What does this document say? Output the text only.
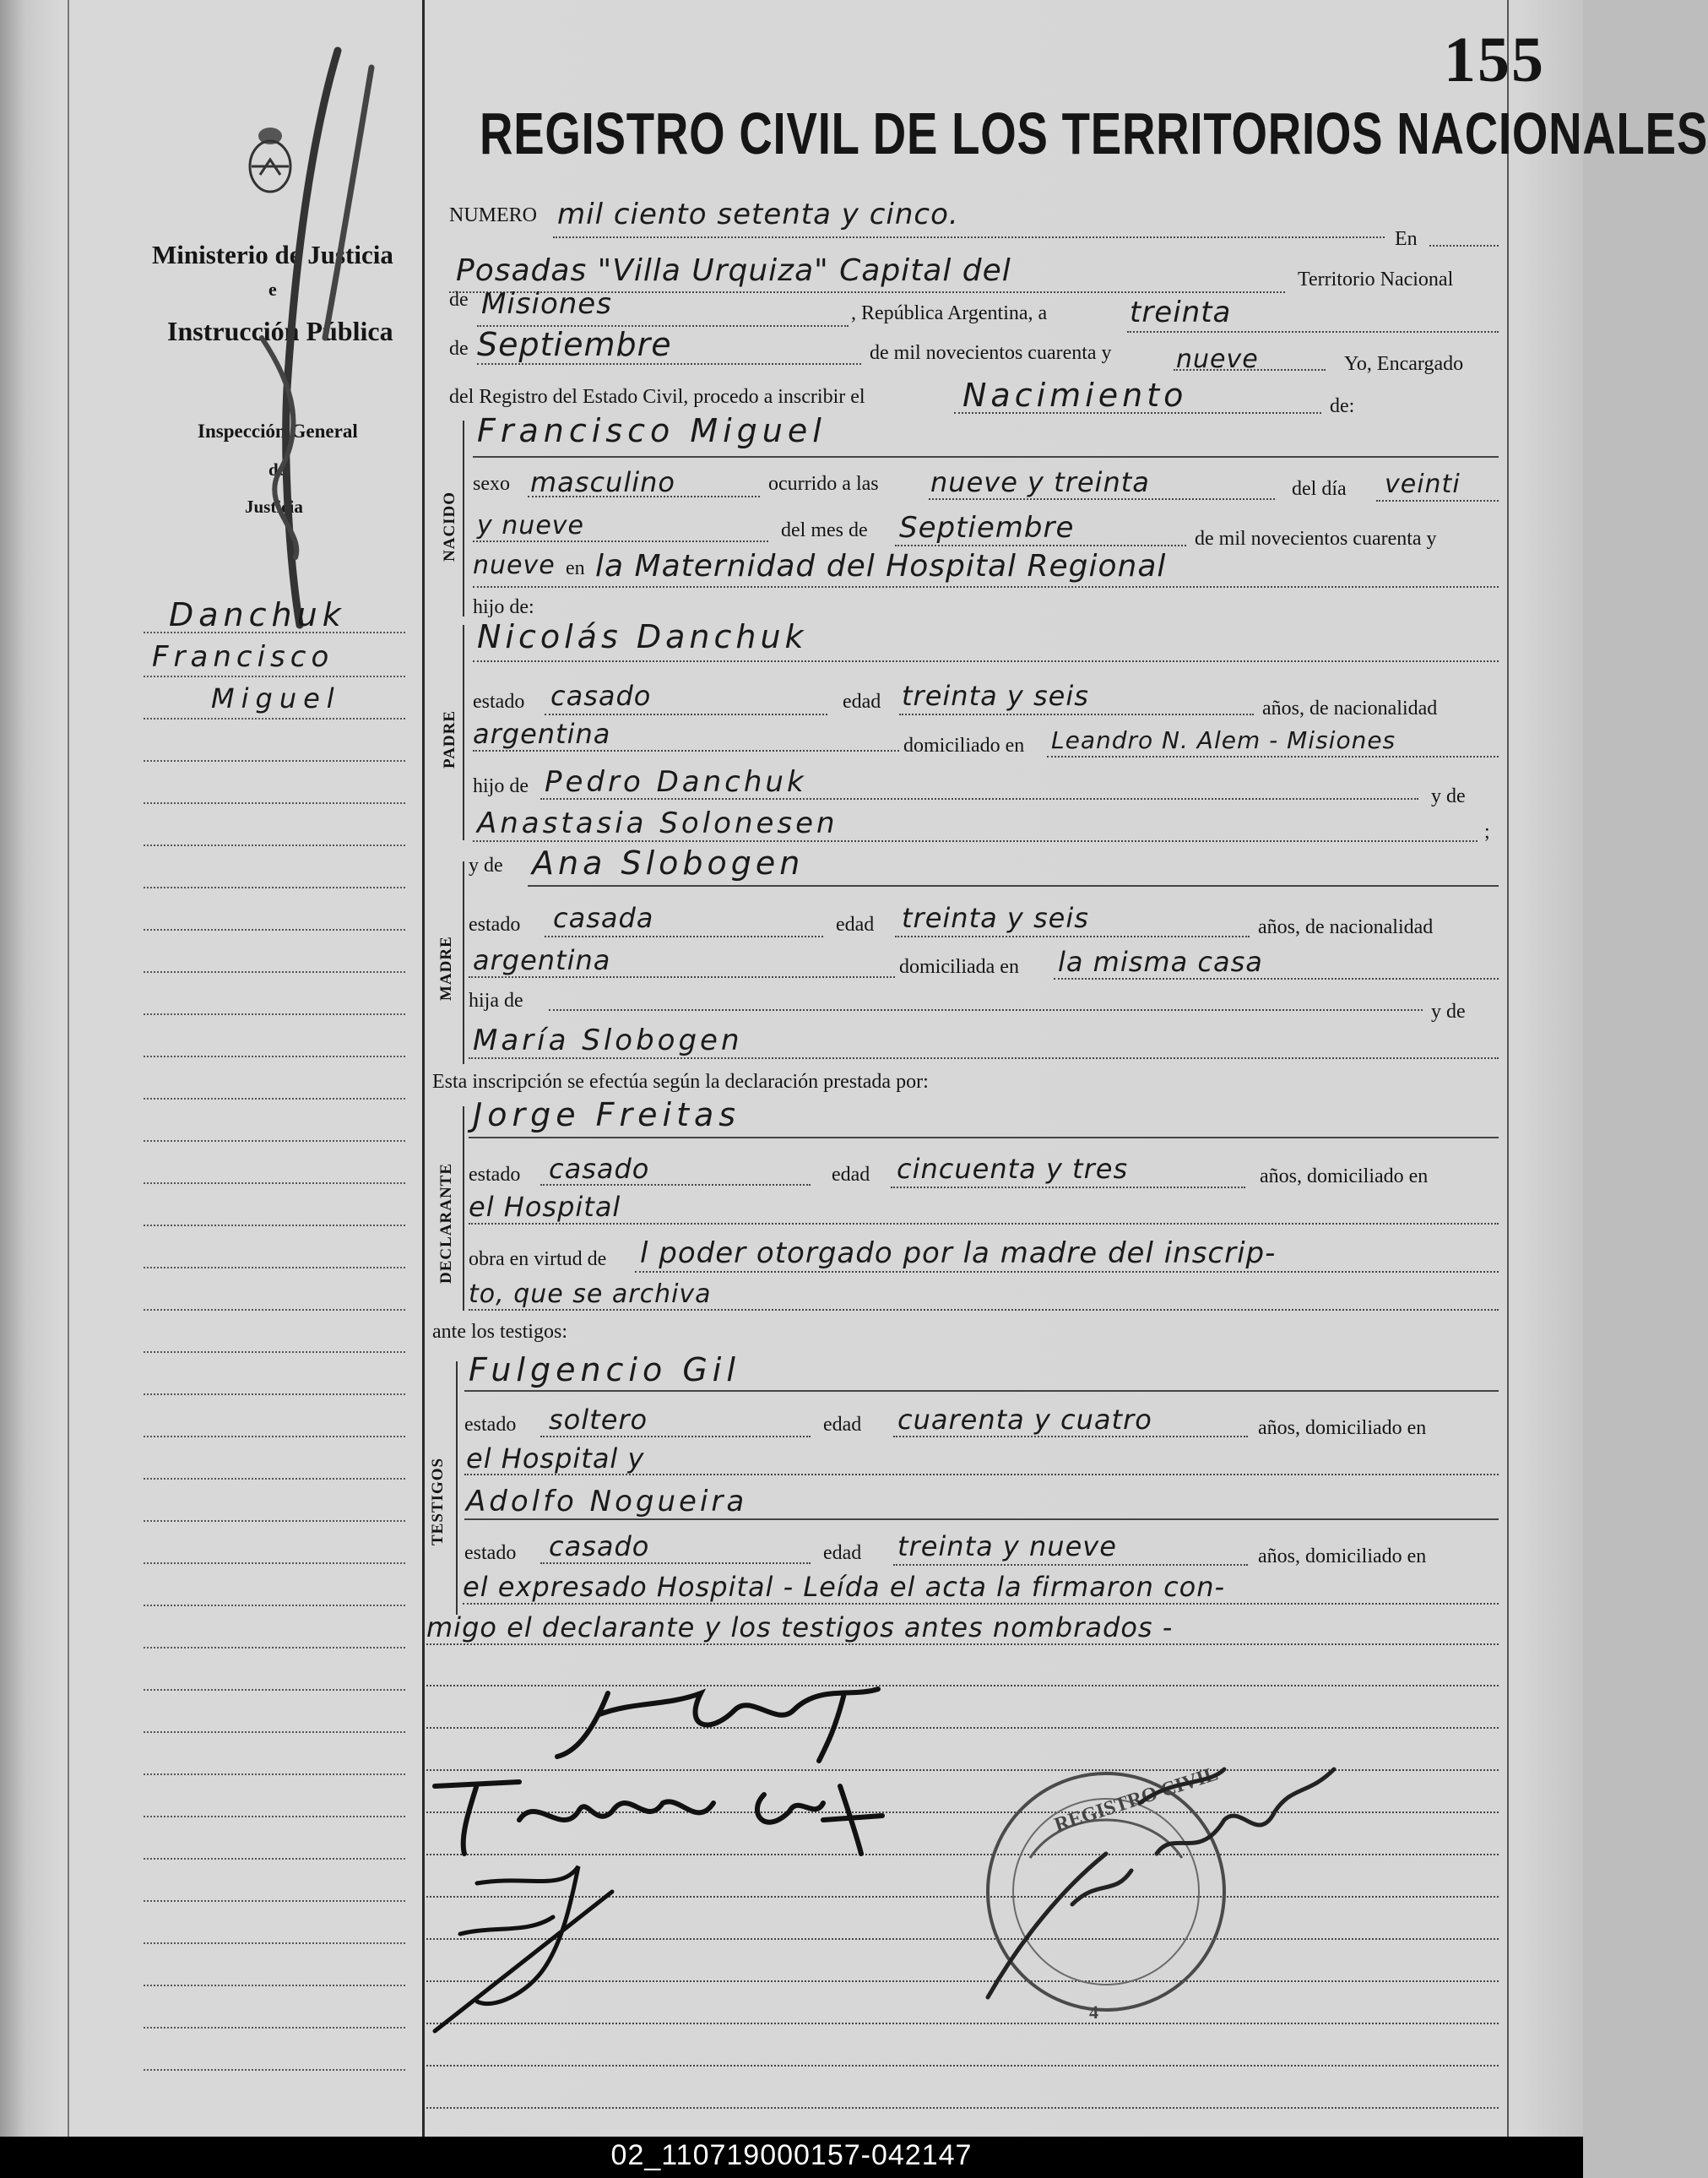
Ministerio de Justicia
e
Instrucción Pública
Inspección General
de
Justicia
Danchuk
Francisco
Miguel
155
REGISTRO CIVIL DE LOS TERRITORIOS NACIONALES
NUMERO mil ciento setenta y cinco.
En
Posadas "Villa Urquiza" Capital del	Territorio Nacional
de Misiones	, República Argentina, a	treinta
de Septiembre	de mil novecientos cuarenta y	nueve	Yo, Encargado
del Registro del Estado Civil, procedo a inscribir el	Nacimiento	de:
NACIDO
Francisco Miguel
sexo masculino	ocurrido a las nueve y treinta	del día veinti
y nueve	del mes de Septiembre	de mil novecientos cuarenta y
nueve en la Maternidad del Hospital Regional
hijo de:
PADRE
Nicolás Danchuk
estado casado	edad treinta y seis	años, de nacionalidad
argentina	domiciliado en Leandro N. Alem - Misiones
hijo de Pedro Danchuk	y de
Anastasia Solonesen	;
MADRE
y de Ana Slobogen
estado casada	edad treinta y seis	años, de nacionalidad
argentina	domiciliada en la misma casa
hija de	y de
María Slobogen
Esta inscripción se efectúa según la declaración prestada por:
DECLARANTE
Jorge Freitas
estado casado	edad cincuenta y tres	años, domiciliado en
el Hospital
obra en virtud de l poder otorgado por la madre del inscrip-
to, que se archiva
ante los testigos:
TESTIGOS
Fulgencio Gil
estado soltero	edad cuarenta y cuatro	años, domiciliado en
el Hospital y
Adolfo Nogueira
estado casado	edad treinta y nueve	años, domiciliado en
el expresado Hospital - Leída el acta la firmaron con-
migo el declarante y los testigos antes nombrados -
REGISTRO CIVIL
4
02_110719000157-042147
